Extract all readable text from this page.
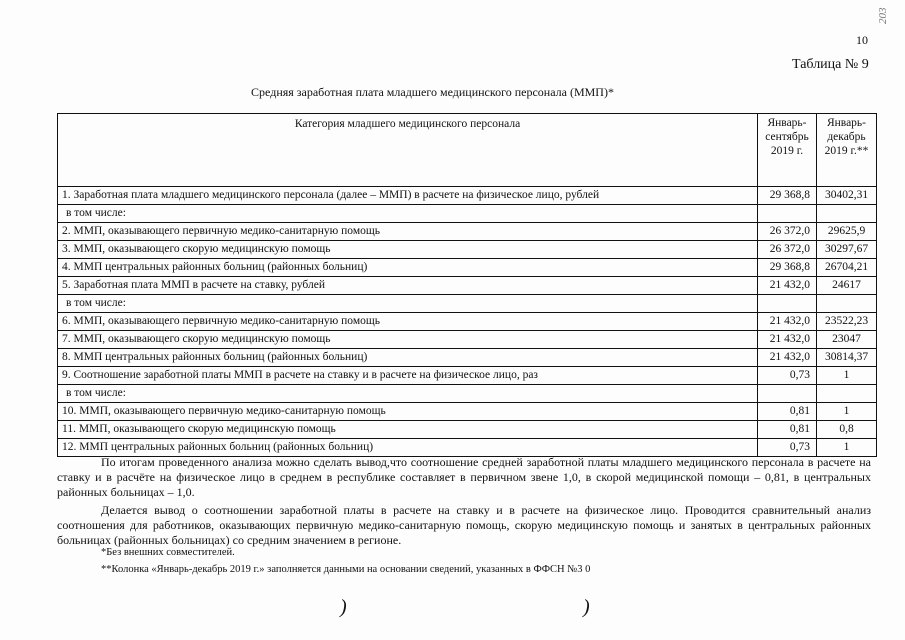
203
10
Таблица № 9
Средняя заработная плата младшего медицинского персонала (ММП)*
Категория младшего медицинского персонала	Январь-сентябрь 2019 г.	Январь-декабрь 2019 г.**
1. Заработная плата младшего медицинского персонала (далее – ММП) в расчете на физическое лицо, рублей	29 368,8	30402,31
в том числе:		
2. ММП, оказывающего первичную медико-санитарную помощь	26 372,0	29625,9
3. ММП, оказывающего скорую медицинскую помощь	26 372,0	30297,67
4. ММП центральных районных больниц (районных больниц)	29 368,8	26704,21
5. Заработная плата ММП в расчете на ставку, рублей	21 432,0	24617
в том числе:		
6. ММП, оказывающего первичную медико-санитарную помощь	21 432,0	23522,23
7. ММП, оказывающего скорую медицинскую помощь	21 432,0	23047
8. ММП центральных районных больниц (районных больниц)	21 432,0	30814,37
9. Соотношение заработной платы ММП в расчете на ставку и в расчете на физическое лицо, раз	0,73	1
в том числе:		
10. ММП, оказывающего первичную медико-санитарную помощь	0,81	1
11. ММП, оказывающего скорую медицинскую помощь	0,81	0,8
12. ММП центральных районных больниц (районных больниц)	0,73	1
По итогам проведенного анализа можно сделать вывод,что соотношение средней заработной платы младшего медицинского персонала в расчете на ставку и в расчёте на физическое лицо в среднем в республике составляет в первичном звене 1,0, в скорой медицинской помощи – 0,81, в центральных районных больницах – 1,0.
Делается вывод о соотношении заработной платы в расчете на ставку и в расчете на физическое лицо. Проводится сравнительный анализ соотношения для работников, оказывающих первичную медико-санитарную помощь, скорую медицинскую помощь и занятых в центральных районных больницах (районных больницах) со средним значением в регионе.
*Без внешних совместителей.
**Колонка «Январь-декабрь 2019 г.» заполняется данными на основании сведений, указанных в ФФСН №3 0
)	)
